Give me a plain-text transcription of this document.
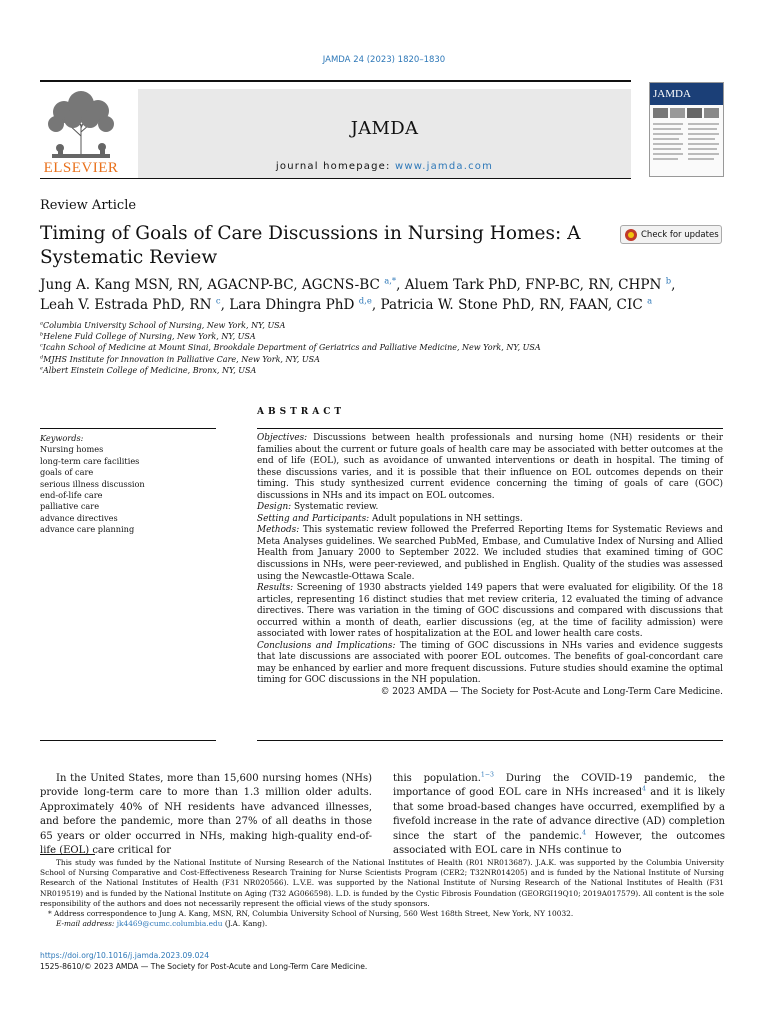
JAMDA 24 (2023) 1820–1830
ELSEVIER
JAMDA
journal homepage: www.jamda.com
JAMDA
Review Article
Timing of Goals of Care Discussions in Nursing Homes: A Systematic Review
Check for updates
Jung A. Kang MSN, RN, AGACNP-BC, AGCNS-BC $^{a,*}$, Aluem Tark PhD, FNP-BC, RN, CHPN $^b$,
Leah V. Estrada PhD, RN $^c$, Lara Dhingra PhD $^{d,e}$, Patricia W. Stone PhD, RN, FAAN, CIC $^a$
$^a$Columbia University School of Nursing, New York, NY, USA
$^b$Helene Fuld College of Nursing, New York, NY, USA
$^c$Icahn School of Medicine at Mount Sinai, Brookdale Department of Geriatrics and Palliative Medicine, New York, NY, USA
$^d$MJHS Institute for Innovation in Palliative Care, New York, NY, USA
$^e$Albert Einstein College of Medicine, Bronx, NY, USA
ABSTRACT
Keywords:
Nursing homes
long-term care facilities
goals of care
serious illness discussion
end-of-life care
palliative care
advance directives
advance care planning

Objectives: Discussions between health professionals and nursing home (NH) residents or their families about the current or future goals of health care may be associated with better outcomes at the end of life (EOL), such as avoidance of unwanted interventions or death in hospital. The timing of these discussions varies, and it is possible that their influence on EOL outcomes depends on their timing. This study synthesized current evidence concerning the timing of goals of care (GOC) discussions in NHs and its impact on EOL outcomes.

Design: Systematic review.

Setting and Participants: Adult populations in NH settings.

Methods: This systematic review followed the Preferred Reporting Items for Systematic Reviews and Meta Analyses guidelines. We searched PubMed, Embase, and Cumulative Index of Nursing and Allied Health from January 2000 to September 2022. We included studies that examined timing of GOC discussions in NHs, were peer-reviewed, and published in English. Quality of the studies was assessed using the Newcastle-Ottawa Scale.

Results: Screening of 1930 abstracts yielded 149 papers that were evaluated for eligibility. Of the 18 articles, representing 16 distinct studies that met review criteria, 12 evaluated the timing of advance directives. There was variation in the timing of GOC discussions and compared with discussions that occurred within a month of death, earlier discussions (eg, at the time of facility admission) were associated with lower rates of hospitalization at the EOL and lower health care costs.

Conclusions and Implications: The timing of GOC discussions in NHs varies and evidence suggests that late discussions are associated with poorer EOL outcomes. The benefits of goal-concordant care may be enhanced by earlier and more frequent discussions. Future studies should examine the optimal timing for GOC discussions in the NH population.

© 2023 AMDA — The Society for Post-Acute and Long-Term Care Medicine.

In the United States, more than 15,600 nursing homes (NHs) provide long-term care to more than 1.3 million older adults. Approximately 40% of NH residents have advanced illnesses, and before the pandemic, more than 27% of all deaths in those 65 years or older occurred in NHs, making high-quality end-of-life (EOL) care critical for
this population.$^{1-3}$ During the COVID-19 pandemic, the importance of good EOL care in NHs increased$^4$ and it is likely that some broad-based changes have occurred, exemplified by a fivefold increase in the rate of advance directive (AD) completion since the start of the pandemic.$^4$ However, the outcomes associated with EOL care in NHs continue to

This study was funded by the National Institute of Nursing Research of the National Institutes of Health (R01 NR013687). J.A.K. was supported by the Columbia University School of Nursing Comparative and Cost-Effectiveness Research Training for Nurse Scientists Program (CER2; T32NR014205) and is funded by the National Institute of Nursing Research of the National Institutes of Health (F31 NR020566). L.V.E. was supported by the National Institute of Nursing Research of the National Institutes of Health (F31 NR019519) and is funded by the National Institute on Aging (T32 AG066598). L.D. is funded by the Cystic Fibrosis Foundation (GEORGI19Q10; 2019A017579). All content is the sole responsibility of the authors and does not necessarily represent the official views of the study sponsors.

* Address correspondence to Jung A. Kang, MSN, RN, Columbia University School of Nursing, 560 West 168th Street, New York, NY 10032.

E-mail address: jk4469@cumc.columbia.edu (J.A. Kang).

https://doi.org/10.1016/j.jamda.2023.09.024
1525-8610/© 2023 AMDA — The Society for Post-Acute and Long-Term Care Medicine.
